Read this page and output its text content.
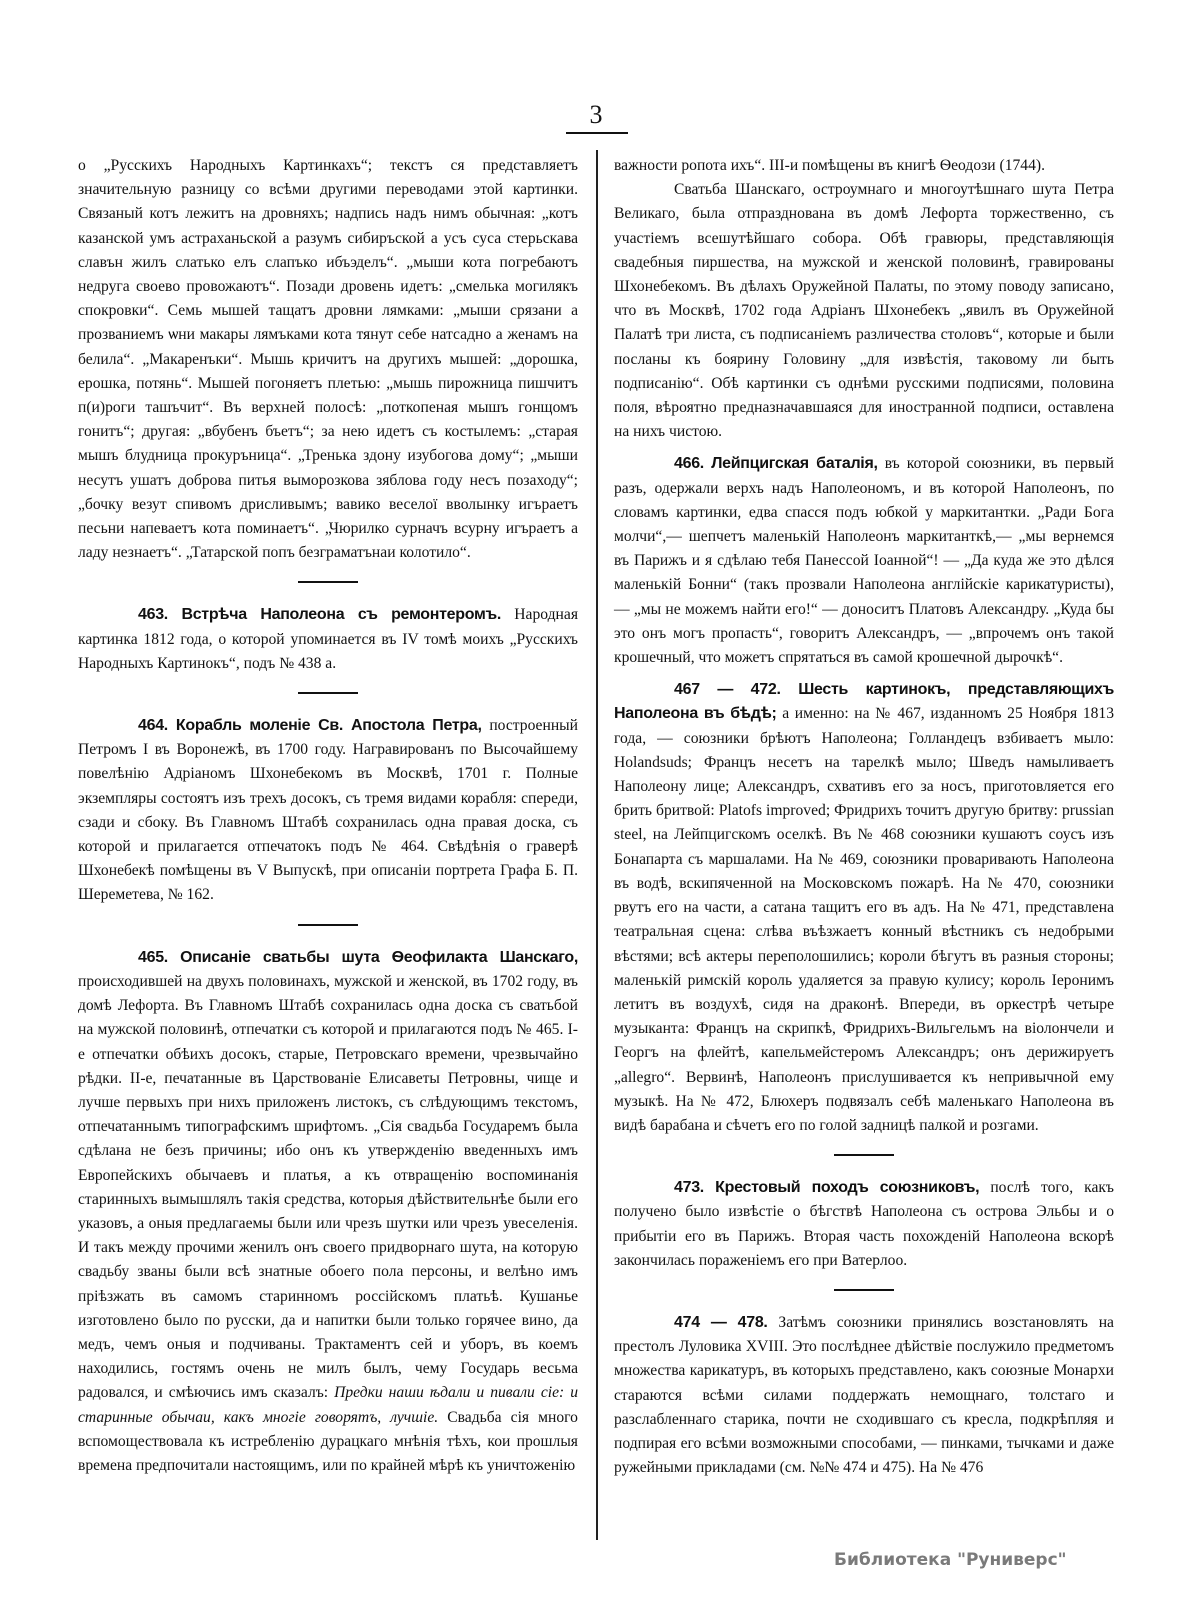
3

о „Русскихъ Народныхъ Картинкахъ“; текстъ ся представляетъ значительную разницу со всѣми другими переводами этой картинки. Связаный котъ лежитъ на дровняхъ; надпись надъ нимъ обычная: „котъ казанской умъ астраханьской а разумъ сибиръской а усъ суса стерьскава славън жилъ слатько елъ слапъко ибъэделъ“. „мыши кота погребаютъ недруга своево провожаютъ“. Позади дровень идетъ: „смелька могилякъ спокровки“. Семь мышей тащатъ дровни лямками: „мыши срязани а прозваниемъ ѡни макары лямъками кота тянут себе натсадно а женамъ на белила“. „Макаренъки“. Мышь кричитъ на другихъ мышей: „дорошка, ерошка, потянь“. Мышей погоняетъ плетью: „мышь пирожница пишчитъ п(и)роги ташъчит“. Въ верхней полосѣ: „поткопеная мышъ гонщомъ гонитъ“; другая: „вбубенъ бъетъ“; за нею идетъ съ костылемъ: „старая мышъ блудница прокуръница“. „Тренька здону изубогова дому“; „мыши несутъ ушатъ доброва питья выморозкова зяблова году несъ позаходу“; „бочку везут спивомъ дрисливымъ; вавико веселої вволынку игъраетъ песьни напеваетъ кота поминаетъ“. „Чюрилко сурначъ всурну игъраетъ а ладу незнаетъ“. „Татарской попъ безграматънаи колотило“.

463. Встрѣча Наполеона съ ремонтеромъ. Народная картинка 1812 года, о которой упоминается въ IV томѣ моихъ „Русскихъ Народныхъ Картинокъ“, подъ № 438 а.

464. Корабль моленіе Св. Апостола Петра, построенный Петромъ I въ Воронежѣ, въ 1700 году. Награвированъ по Высочайшему повелѣнію Адріаномъ Шхонебекомъ въ Москвѣ, 1701 г. Полные экземпляры состоятъ изъ трехъ досокъ, съ тремя видами корабля: спереди, сзади и сбоку. Въ Главномъ Штабѣ сохранилась одна правая доска, съ которой и прилагается отпечатокъ подъ № 464. Свѣдѣнія о граверѣ Шхонебекѣ помѣщены въ V Выпускѣ, при описаніи портрета Графа Б. П. Шереметева, № 162.

465. Описаніе сватьбы шута Ѳеофилакта Шанскаго, происходившей на двухъ половинахъ, мужской и женской, въ 1702 году, въ домѣ Лефорта. Въ Главномъ Штабѣ сохранилась одна доска съ сватьбой на мужской половинѣ, отпечатки съ которой и прилагаются подъ № 465. I-е отпечатки обѣихъ досокъ, старые, Петровскаго времени, чрезвычайно рѣдки. II-е, печатанные въ Царствованіе Елисаветы Петровны, чище и лучше первыхъ при нихъ приложенъ листокъ, съ слѣдующимъ текстомъ, отпечатаннымъ типографскимъ шрифтомъ. „Сія свадьба Государемъ была сдѣлана не безъ причины; ибо онъ къ утвержденію введенныхъ имъ Европейскихъ обычаевъ и платья, а къ отвращенію воспоминанія старинныхъ вымышлялъ такія средства, которыя дѣйствительнѣе были его указовъ, а оныя предлагаемы были или чрезъ шутки или чрезъ увеселенія. И такъ между прочими женилъ онъ своего придворнаго шута, на которую свадьбу званы были всѣ знатные обоего пола персоны, и велѣно имъ пріѣзжать въ самомъ старинномъ россійскомъ платьѣ. Кушанье изготовлено было по русски, да и напитки были только горячее вино, да медъ, чемъ оныя и подчиваны. Трактаментъ сей и уборъ, въ коемъ находились, гостямъ очень не милъ былъ, чему Государь весьма радовался, и смѣючись имъ сказалъ: Предки наши ѣдали и пивали сіе: и старинные обычаи, какъ многіе говорятъ, лучшіе. Свадьба сія много вспомоществовала къ истребленію дурацкаго мнѣнія тѣхъ, кои прошлыя времена предпочитали настоящимъ, или по крайней мѣрѣ къ уничтоженію

важности ропота ихъ“. III-и помѣщены въ книгѣ Ѳеодози (1744).

Сватьба Шанскаго, остроумнаго и многоутѣшнаго шута Петра Великаго, была отпразднована въ домѣ Лефорта торжественно, съ участіемъ всешутѣйшаго собора. Обѣ гравюры, представляющія свадебныя пиршества, на мужской и женской половинѣ, гравированы Шхонебекомъ. Въ дѣлахъ Оружейной Палаты, по этому поводу записано, что въ Москвѣ, 1702 года Адріанъ Шхонебекъ „явилъ въ Оружейной Палатѣ три листа, съ подписаніемъ различества столовъ“, которые и были посланы къ боярину Головину „для извѣстія, таковому ли быть подписанію“. Обѣ картинки съ однѣми русскими подписями, половина поля, вѣроятно предназначавшаяся для иностранной подписи, оставлена на нихъ чистою.

466. Лейпцигская баталія, въ которой союзники, въ первый разъ, одержали верхъ надъ Наполеономъ, и въ которой Наполеонъ, по словамъ картинки, едва спасся подъ юбкой у маркитантки. „Ради Бога молчи“,— шепчетъ маленькій Наполеонъ маркитанткѣ,— „мы вернемся въ Парижъ и я сдѣлаю тебя Панессой Іоанной“! — „Да куда же это дѣлся маленькій Бонни“ (такъ прозвали Наполеона англійскіе карикатуристы), — „мы не можемъ найти его!“ — доноситъ Платовъ Александру. „Куда бы это онъ могъ пропасть“, говоритъ Александръ, — „впрочемъ онъ такой крошечный, что можетъ спрятаться въ самой крошечной дырочкѣ“.

467 — 472. Шесть картинокъ, представляющихъ Наполеона въ бѣдѣ; а именно: на № 467, изданномъ 25 Ноября 1813 года, — союзники брѣютъ Наполеона; Голландецъ взбиваетъ мыло: Holandsuds; Францъ несетъ на тарелкѣ мыло; Шведъ намыливаетъ Наполеону лице; Александръ, схвативъ его за носъ, приготовляется его брить бритвой: Platofs improved; Фридрихъ точитъ другую бритву: prussian steel, на Лейпцигскомъ оселкѣ. Въ № 468 союзники кушаютъ соусъ изъ Бонапарта съ маршалами. На № 469, союзники проваривають Наполеона въ водѣ, вскипяченной на Московскомъ пожарѣ. На № 470, союзники рвутъ его на части, а сатана тащитъ его въ адъ. На № 471, представлена театральная сцена: слѣва въѣзжаетъ конный вѣстникъ съ недобрыми вѣстями; всѣ актеры переполошились; короли бѣгутъ въ разныя стороны; маленькій римскій король удаляется за правую кулису; король Іеронимъ летитъ въ воздухѣ, сидя на драконѣ. Впереди, въ оркестрѣ четыре музыканта: Францъ на скрипкѣ, Фридрихъ-Вильгельмъ на віолончели и Георгъ на флейтѣ, капельмейстеромъ Александръ; онъ дерижируетъ „allegro“. Вервинѣ, Наполеонъ прислушивается къ непривычной ему музыкѣ. На № 472, Блюхеръ подвязалъ себѣ маленькаго Наполеона въ видѣ барабана и сѣчетъ его по голой задницѣ палкой и розгами.

473. Крестовый походъ союзниковъ, послѣ того, какъ получено было извѣстіе о бѣгствѣ Наполеона съ острова Эльбы и о прибытіи его въ Парижъ. Вторая часть похожденій Наполеона вскорѣ закончилась пораженіемъ его при Ватерлоо.

474 — 478. Затѣмъ союзники принялись возстановлять на престолъ Луловика XVIII. Это послѣднее дѣйствіе послужило предметомъ множества карикатуръ, въ которыхъ представлено, какъ союзные Монархи стараются всѣми силами поддержать немощнаго, толстаго и разслабленнаго старика, почти не сходившаго съ кресла, подкрѣпляя и подпирая его всѣми возможными способами, — пинками, тычками и даже ружейными прикладами (см. №№ 474 и 475). На № 476

Библиотека "Руниверс"
